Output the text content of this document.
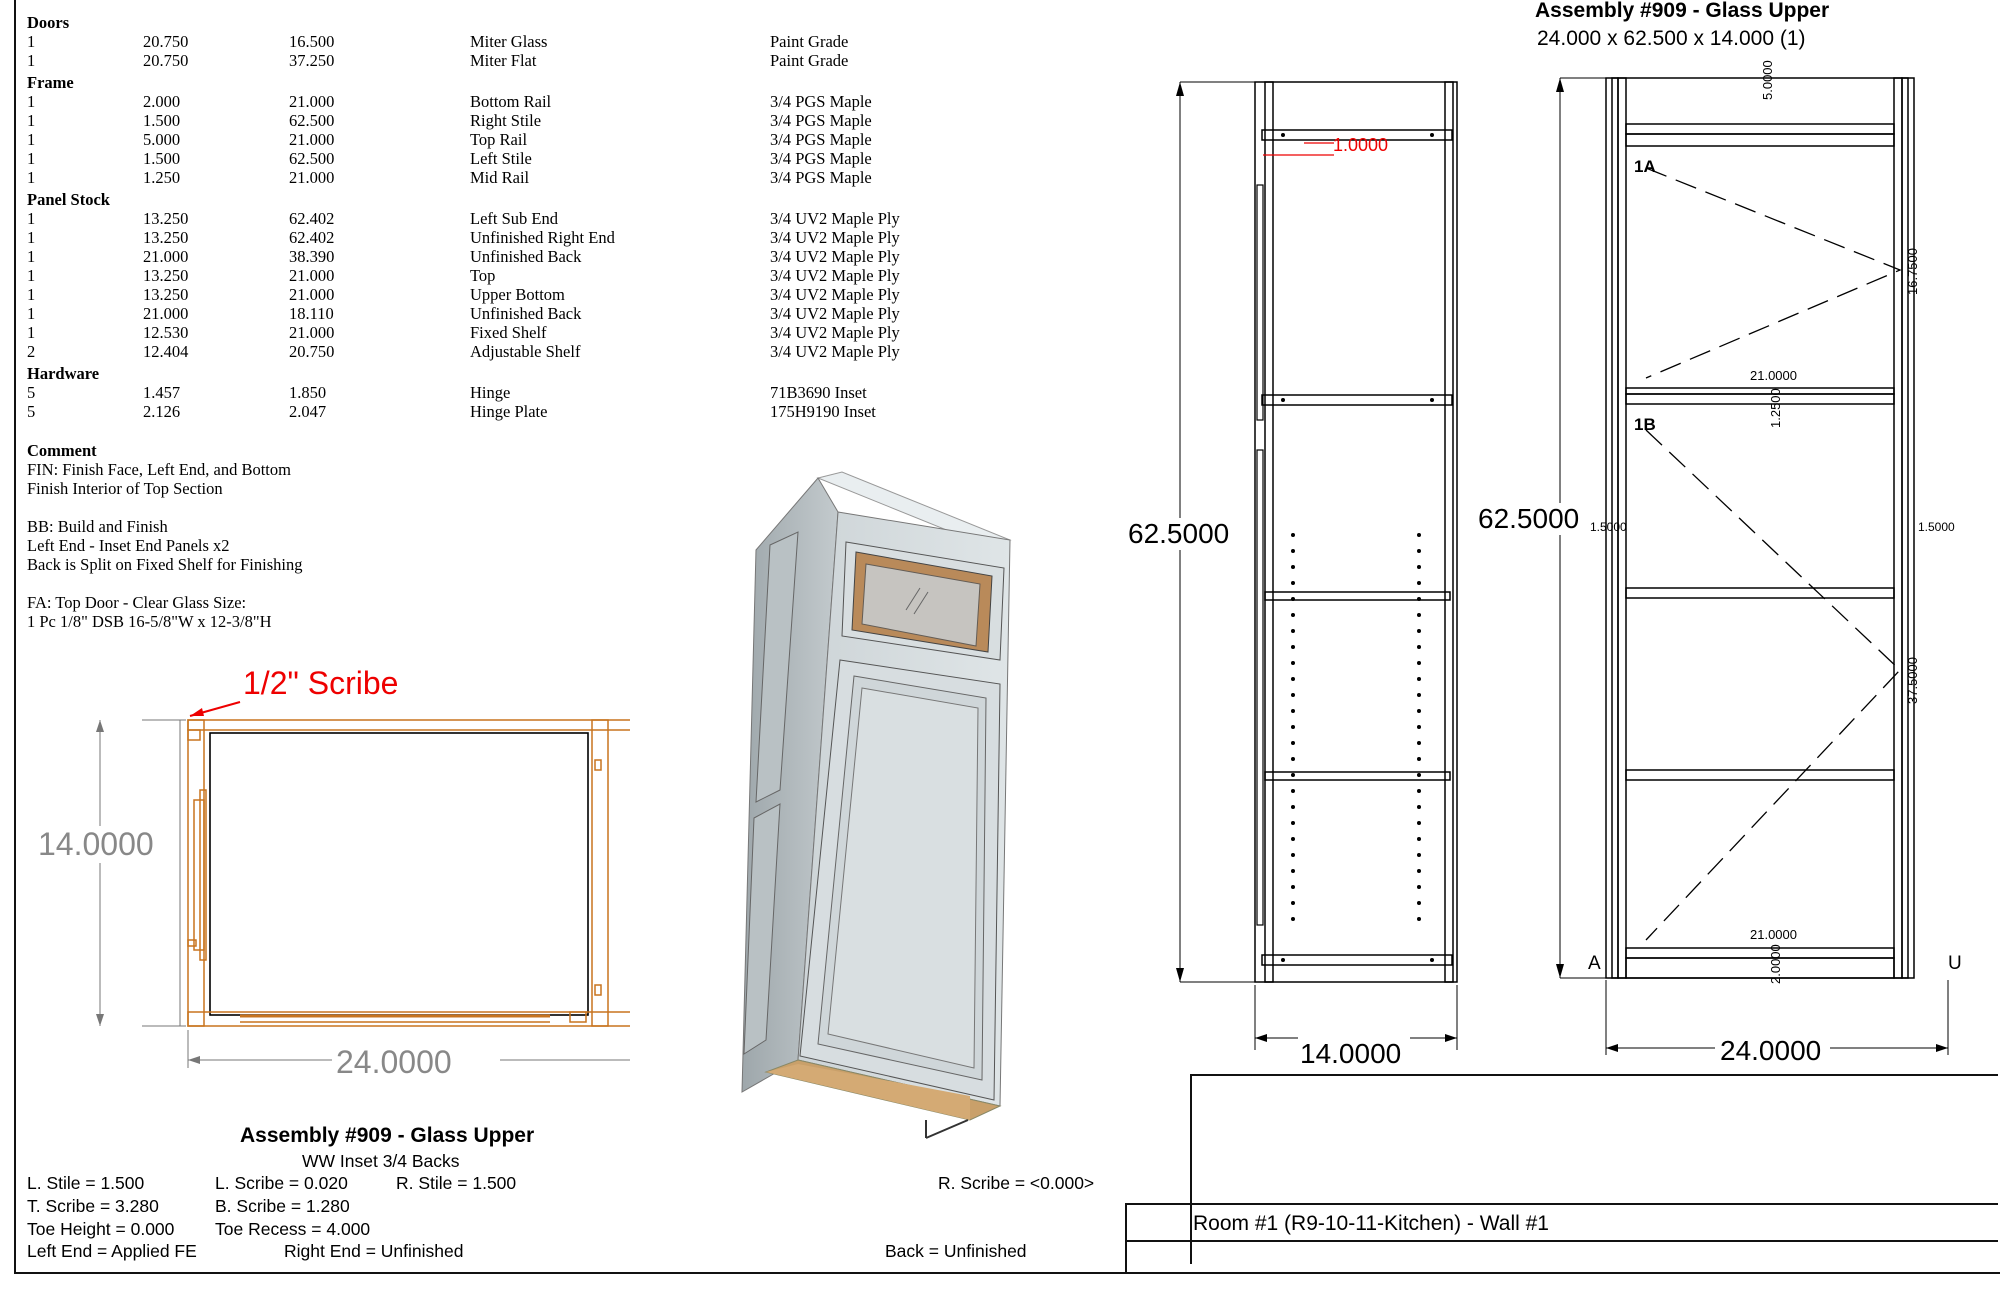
Doors
1	20.750	16.500	Miter Glass	Paint Grade
1	20.750	37.250	Miter Flat	Paint Grade
Frame
1	2.000	21.000	Bottom Rail	3/4 PGS Maple
1	1.500	62.500	Right Stile	3/4 PGS Maple
1	5.000	21.000	Top Rail	3/4 PGS Maple
1	1.500	62.500	Left Stile	3/4 PGS Maple
1	1.250	21.000	Mid Rail	3/4 PGS Maple
Panel Stock
1	13.250	62.402	Left Sub End	3/4 UV2 Maple Ply
1	13.250	62.402	Unfinished Right End	3/4 UV2 Maple Ply
1	21.000	38.390	Unfinished Back	3/4 UV2 Maple Ply
1	13.250	21.000	Top	3/4 UV2 Maple Ply
1	13.250	21.000	Upper Bottom	3/4 UV2 Maple Ply
1	21.000	18.110	Unfinished Back	3/4 UV2 Maple Ply
1	12.530	21.000	Fixed Shelf	3/4 UV2 Maple Ply
2	12.404	20.750	Adjustable Shelf	3/4 UV2 Maple Ply
Hardware
5	1.457	1.850	Hinge	71B3690 Inset
5	2.126	2.047	Hinge Plate	175H9190 Inset
Comment
FIN: Finish Face, Left End, and Bottom
Finish Interior of Top Section
BB: Build and Finish
Left End - Inset End Panels x2
Back is Split on Fixed Shelf for Finishing
FA: Top Door - Clear Glass Size:
1 Pc 1/8" DSB 16-5/8"W x 12-3/8"H
1/2" Scribe
14.0000
24.0000
1.0000
62.5000
14.0000
Assembly #909 - Glass Upper
24.000 x 62.500 x 14.000 (1)
62.5000
24.0000
5.0000
1A
16.7500
21.0000
1.2500
1B
1.5000	1.5000
37.5000
21.0000
2.0000
A	U
Assembly #909 - Glass Upper
WW Inset 3/4 Backs
L. Stile = 1.500	L. Scribe = 0.020	R. Stile = 1.500	R. Scribe = <0.000>
T. Scribe = 3.280	B. Scribe = 1.280
Toe Height = 0.000 Toe Recess = 4.000
Left End = Applied FE	Right End = Unfinished	Back = Unfinished
Room #1 (R9-10-11-Kitchen) - Wall #1
